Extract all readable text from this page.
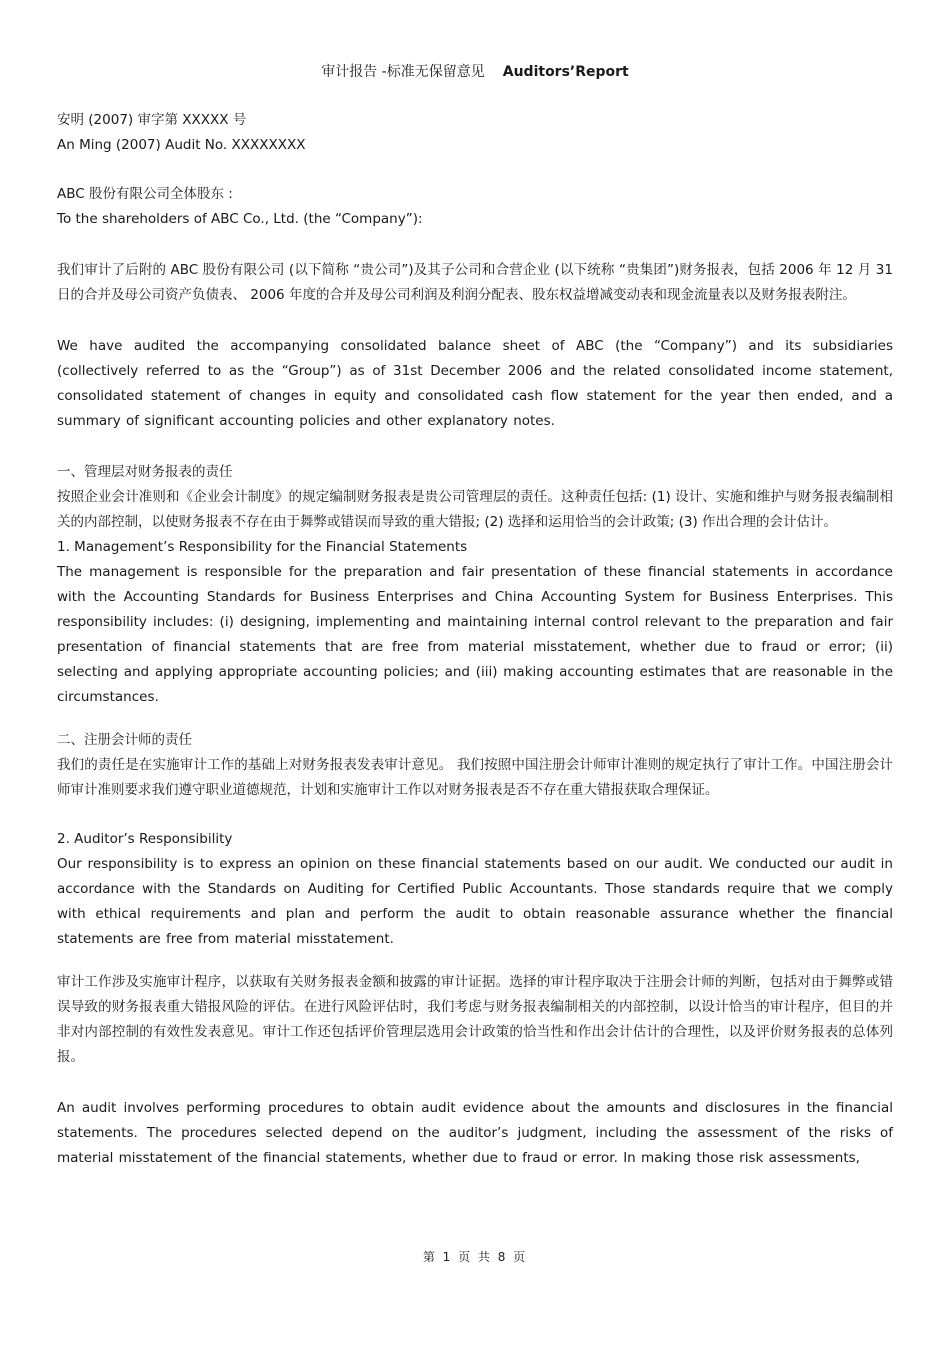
审计报告 -标准无保留意见 Auditors’Report

安明 (2007) 审字第 XXXXX 号

An Ming (2007) Audit No. XXXXXXXX

ABC 股份有限公司全体股东 :

To the shareholders of ABC Co., Ltd. (the “Company”):

我们审计了后附的 ABC 股份有限公司 (以下简称 “贵公司”)及其子公司和合营企业 (以下统称 “贵集团”)财务报表，包括 2006 年 12 月 31 日的合并及母公司资产负债表、 2006 年度的合并及母公司利润及利润分配表、股东权益增减变动表和现金流量表以及财务报表附注。

We have audited the accompanying consolidated balance sheet of ABC (the “Company”) and its subsidiaries (collectively referred to as the “Group”) as of 31st December 2006 and the related consolidated income statement, consolidated statement of changes in equity and consolidated cash flow statement for the year then ended, and a summary of significant accounting policies and other explanatory notes.

一、管理层对财务报表的责任

按照企业会计准则和《企业会计制度》的规定编制财务报表是贵公司管理层的责任。这种责任包括: (1) 设计、实施和维护与财务报表编制相关的内部控制，以使财务报表不存在由于舞弊或错误而导致的重大错报; (2) 选择和运用恰当的会计政策; (3) 作出合理的会计估计。

1. Management’s Responsibility for the Financial Statements

The management is responsible for the preparation and fair presentation of these financial statements in accordance with the Accounting Standards for Business Enterprises and China Accounting System for Business Enterprises. This responsibility includes: (i) designing, implementing and maintaining internal control relevant to the preparation and fair presentation of financial statements that are free from material misstatement, whether due to fraud or error; (ii) selecting and applying appropriate accounting policies; and (iii) making accounting estimates that are reasonable in the circumstances.

二、注册会计师的责任

我们的责任是在实施审计工作的基础上对财务报表发表审计意见。 我们按照中国注册会计师审计准则的规定执行了审计工作。中国注册会计师审计准则要求我们遵守职业道德规范，计划和实施审计工作以对财务报表是否不存在重大错报获取合理保证。

2. Auditor’s Responsibility

Our responsibility is to express an opinion on these financial statements based on our audit. We conducted our audit in accordance with the Standards on Auditing for Certified Public Accountants. Those standards require that we comply with ethical requirements and plan and perform the audit to obtain reasonable assurance whether the financial statements are free from material misstatement.

审计工作涉及实施审计程序，以获取有关财务报表金额和披露的审计证据。选择的审计程序取决于注册会计师的判断，包括对由于舞弊或错误导致的财务报表重大错报风险的评估。在进行风险评估时，我们考虑与财务报表编制相关的内部控制，以设计恰当的审计程序，但目的并非对内部控制的有效性发表意见。审计工作还包括评价管理层选用会计政策的恰当性和作出会计估计的合理性，以及评价财务报表的总体列报。

An audit involves performing procedures to obtain audit evidence about the amounts and disclosures in the financial statements. The procedures selected depend on the auditor’s judgment, including the assessment of the risks of material misstatement of the financial statements, whether due to fraud or error. In making those risk assessments,

第 1 页 共 8 页
